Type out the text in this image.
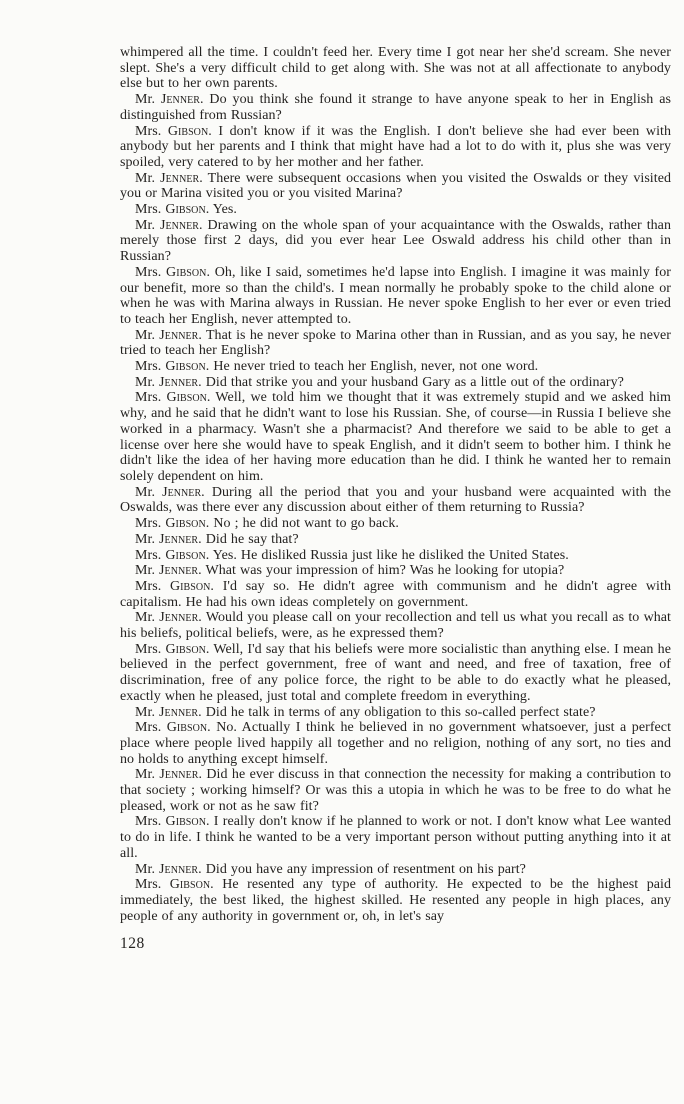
whimpered all the time. I couldn't feed her. Every time I got near her she'd scream. She never slept. She's a very difficult child to get along with. She was not at all affectionate to anybody else but to her own parents.

Mr. Jenner. Do you think she found it strange to have anyone speak to her in English as distinguished from Russian?

Mrs. Gibson. I don't know if it was the English. I don't believe she had ever been with anybody but her parents and I think that might have had a lot to do with it, plus she was very spoiled, very catered to by her mother and her father.

Mr. Jenner. There were subsequent occasions when you visited the Oswalds or they visited you or Marina visited you or you visited Marina?

Mrs. Gibson. Yes.

Mr. Jenner. Drawing on the whole span of your acquaintance with the Oswalds, rather than merely those first 2 days, did you ever hear Lee Oswald address his child other than in Russian?

Mrs. Gibson. Oh, like I said, sometimes he'd lapse into English. I imagine it was mainly for our benefit, more so than the child's. I mean normally he probably spoke to the child alone or when he was with Marina always in Russian. He never spoke English to her ever or even tried to teach her English, never attempted to.

Mr. Jenner. That is he never spoke to Marina other than in Russian, and as you say, he never tried to teach her English?

Mrs. Gibson. He never tried to teach her English, never, not one word.

Mr. Jenner. Did that strike you and your husband Gary as a little out of the ordinary?

Mrs. Gibson. Well, we told him we thought that it was extremely stupid and we asked him why, and he said that he didn't want to lose his Russian. She, of course—in Russia I believe she worked in a pharmacy. Wasn't she a pharmacist? And therefore we said to be able to get a license over here she would have to speak English, and it didn't seem to bother him. I think he didn't like the idea of her having more education than he did. I think he wanted her to remain solely dependent on him.

Mr. Jenner. During all the period that you and your husband were acquainted with the Oswalds, was there ever any discussion about either of them returning to Russia?

Mrs. Gibson. No ; he did not want to go back.

Mr. Jenner. Did he say that?

Mrs. Gibson. Yes. He disliked Russia just like he disliked the United States.

Mr. Jenner. What was your impression of him? Was he looking for utopia?

Mrs. Gibson. I'd say so. He didn't agree with communism and he didn't agree with capitalism. He had his own ideas completely on government.

Mr. Jenner. Would you please call on your recollection and tell us what you recall as to what his beliefs, political beliefs, were, as he expressed them?

Mrs. Gibson. Well, I'd say that his beliefs were more socialistic than anything else. I mean he believed in the perfect government, free of want and need, and free of taxation, free of discrimination, free of any police force, the right to be able to do exactly what he pleased, exactly when he pleased, just total and complete freedom in everything.

Mr. Jenner. Did he talk in terms of any obligation to this so-called perfect state?

Mrs. Gibson. No. Actually I think he believed in no government whatsoever, just a perfect place where people lived happily all together and no religion, nothing of any sort, no ties and no holds to anything except himself.

Mr. Jenner. Did he ever discuss in that connection the necessity for making a contribution to that society ; working himself? Or was this a utopia in which he was to be free to do what he pleased, work or not as he saw fit?

Mrs. Gibson. I really don't know if he planned to work or not. I don't know what Lee wanted to do in life. I think he wanted to be a very important person without putting anything into it at all.

Mr. Jenner. Did you have any impression of resentment on his part?

Mrs. Gibson. He resented any type of authority. He expected to be the highest paid immediately, the best liked, the highest skilled. He resented any people in high places, any people of any authority in government or, oh, in let's say

128
